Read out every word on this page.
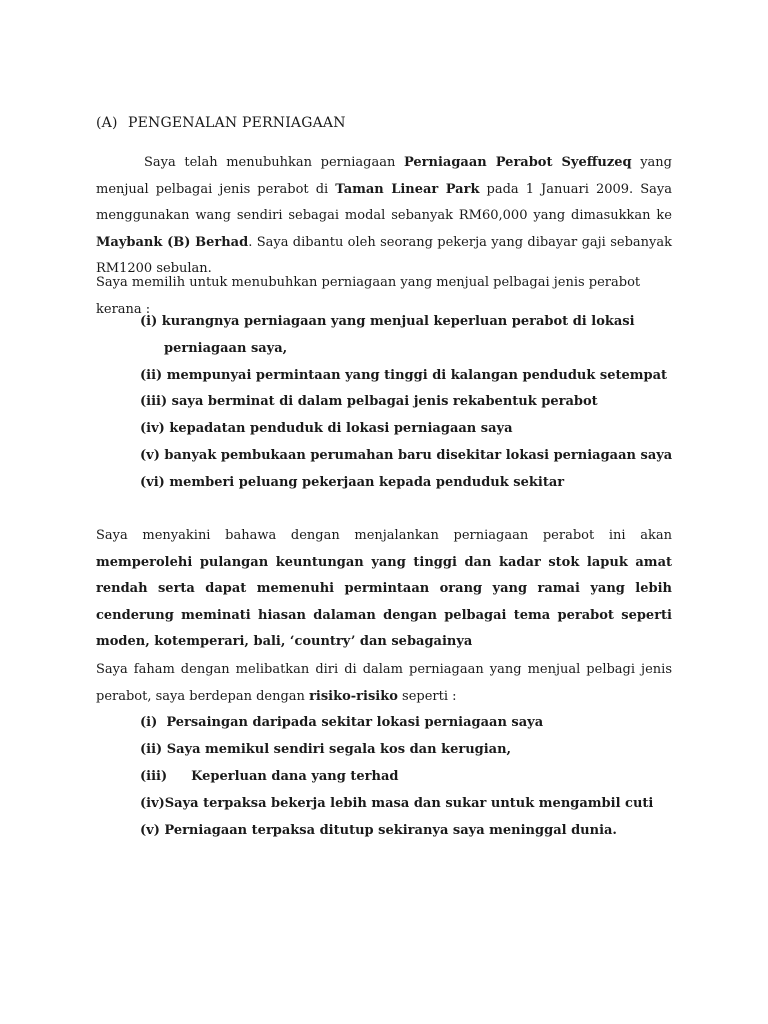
(A) PENGENALAN PERNIAGAAN
Saya telah menubuhkan perniagaan Perniagaan Perabot Syeffuzeq yang menjual pelbagai jenis perabot di Taman Linear Park pada 1 Januari 2009. Saya menggunakan wang sendiri sebagai modal sebanyak RM60,000 yang dimasukkan ke Maybank (B) Berhad. Saya dibantu oleh seorang pekerja yang dibayar gaji sebanyak RM1200 sebulan.
Saya memilih untuk menubuhkan perniagaan yang menjual pelbagai jenis perabot kerana :
(i) kurangnya perniagaan yang menjual keperluan perabot di lokasi perniagaan saya,
(ii) mempunyai permintaan yang tinggi di kalangan penduduk setempat
(iii) saya berminat di dalam pelbagai jenis rekabentuk perabot
(iv) kepadatan penduduk di lokasi perniagaan saya
(v) banyak pembukaan perumahan baru disekitar lokasi perniagaan saya
(vi) memberi peluang pekerjaan kepada penduduk sekitar
Saya menyakini bahawa dengan menjalankan perniagaan perabot ini akan memperolehi pulangan keuntungan yang tinggi dan kadar stok lapuk amat rendah serta dapat memenuhi permintaan orang yang ramai yang lebih cenderung meminati hiasan dalaman dengan pelbagai tema perabot seperti moden, kotemperari, bali, ‘country’ dan sebagainya
Saya faham dengan melibatkan diri di dalam perniagaan yang menjual pelbagi jenis perabot, saya berdepan dengan risiko-risiko seperti :
(i) Persaingan daripada sekitar lokasi perniagaan saya
(ii) Saya memikul sendiri segala kos dan kerugian,
(iii) Keperluan dana yang terhad
(iv)Saya terpaksa bekerja lebih masa dan sukar untuk mengambil cuti
(v) Perniagaan terpaksa ditutup sekiranya saya meninggal dunia.
